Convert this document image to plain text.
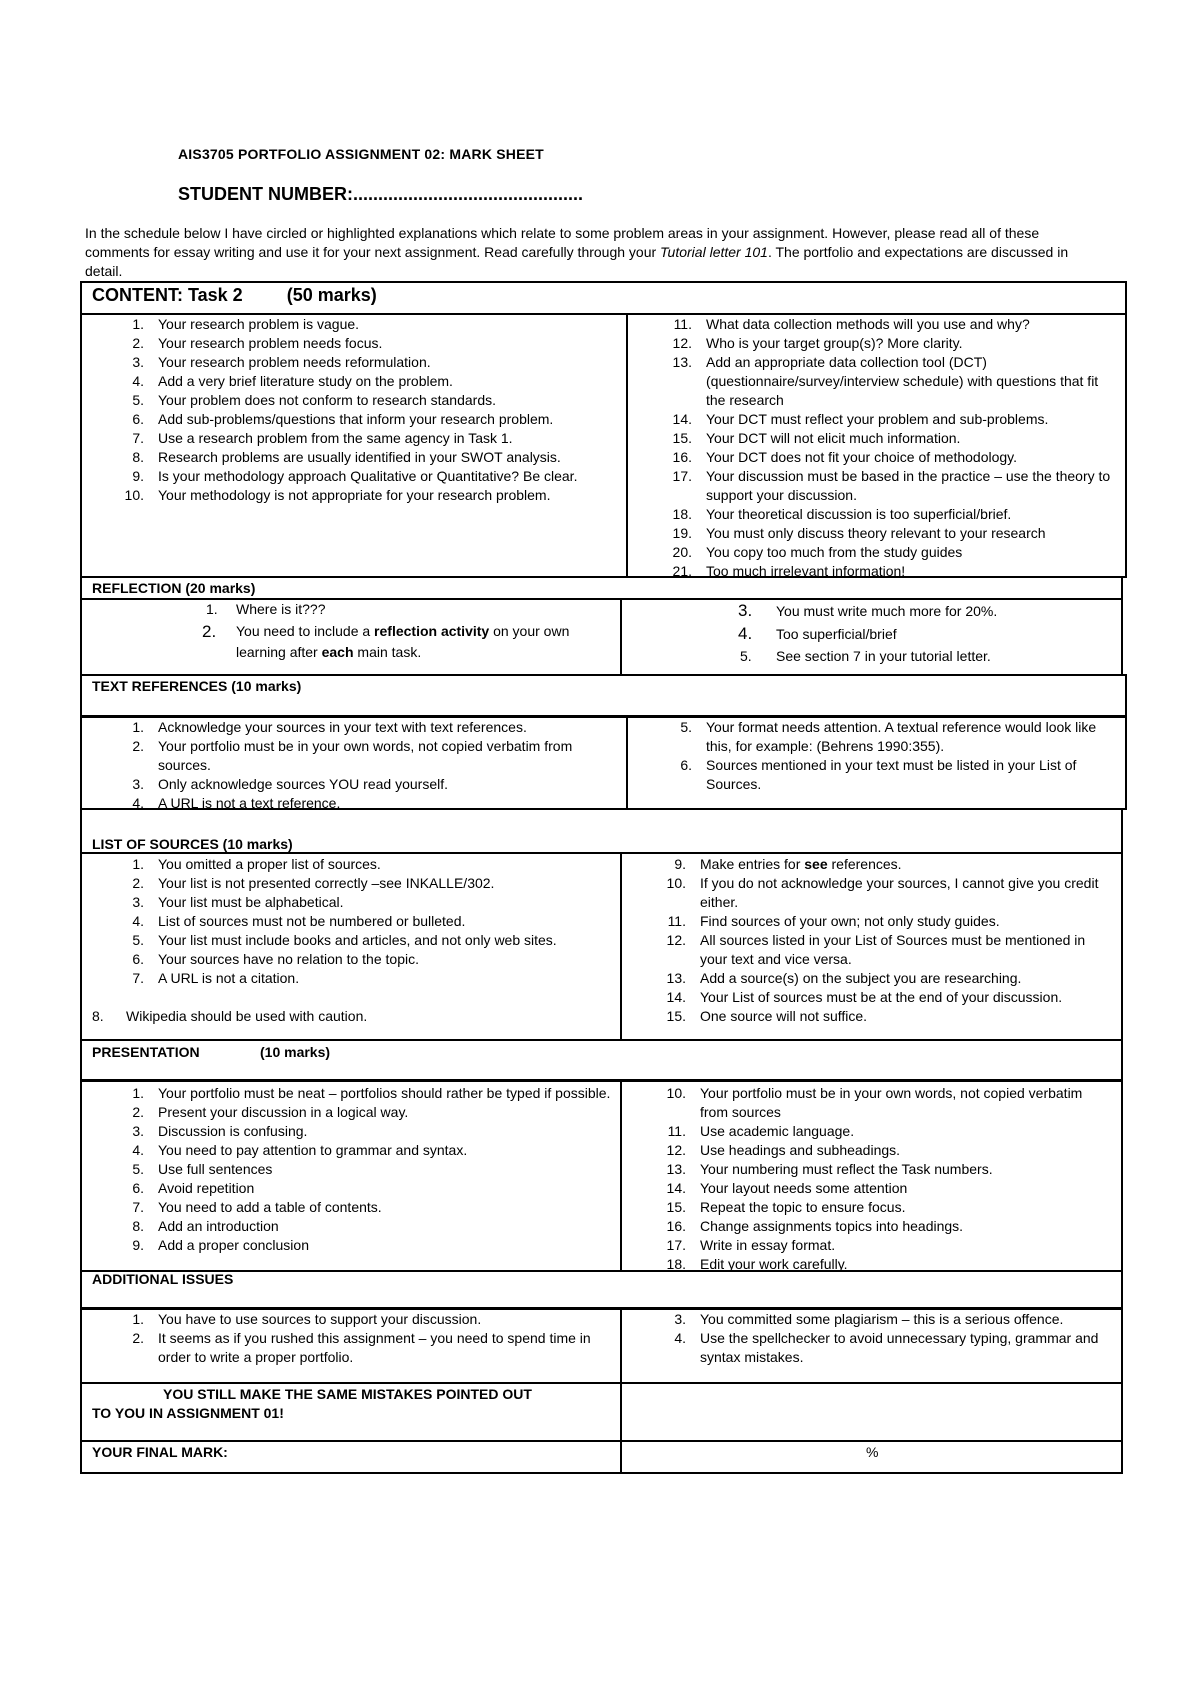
AIS3705 PORTFOLIO ASSIGNMENT 02: MARK SHEET
STUDENT NUMBER:..............................................
In the schedule below I have circled or highlighted explanations which relate to some problem areas in your assignment. However, please read all of these comments for essay writing and use it for your next assignment. Read carefully through your Tutorial letter 101. The portfolio and expectations are discussed in detail.
CONTENT: Task 2 (50 marks)
1. Your research problem is vague.
2. Your research problem needs focus.
3. Your research problem needs reformulation.
4. Add a very brief literature study on the problem.
5. Your problem does not conform to research standards.
6. Add sub-problems/questions that inform your research problem.
7. Use a research problem from the same agency in Task 1.
8. Research problems are usually identified in your SWOT analysis.
9. Is your methodology approach Qualitative or Quantitative? Be clear.
10. Your methodology is not appropriate for your research problem.
11. What data collection methods will you use and why?
12. Who is your target group(s)? More clarity.
13. Add an appropriate data collection tool (DCT) (questionnaire/survey/interview schedule) with questions that fit the research
14. Your DCT must reflect your problem and sub-problems.
15. Your DCT will not elicit much information.
16. Your DCT does not fit your choice of methodology.
17. Your discussion must be based in the practice – use the theory to support your discussion.
18. Your theoretical discussion is too superficial/brief.
19. You must only discuss theory relevant to your research
20. You copy too much from the study guides
21. Too much irrelevant information!
REFLECTION (20 marks)
1. Where is it???
2. You need to include a reflection activity on your own learning after each main task.
3. You must write much more for 20%.
4. Too superficial/brief
5. See section 7 in your tutorial letter.
TEXT REFERENCES (10 marks)
1. Acknowledge your sources in your text with text references.
2. Your portfolio must be in your own words, not copied verbatim from sources.
3. Only acknowledge sources YOU read yourself.
4. A URL is not a text reference.
5. Your format needs attention. A textual reference would look like this, for example: (Behrens 1990:355).
6. Sources mentioned in your text must be listed in your List of Sources.
LIST OF SOURCES (10 marks)
1. You omitted a proper list of sources.
2. Your list is not presented correctly –see INKALLE/302.
3. Your list must be alphabetical.
4. List of sources must not be numbered or bulleted.
5. Your list must include books and articles, and not only web sites.
6. Your sources have no relation to the topic.
7. A URL is not a citation.
8. Wikipedia should be used with caution.
9. Make entries for see references.
10. If you do not acknowledge your sources, I cannot give you credit either.
11. Find sources of your own; not only study guides.
12. All sources listed in your List of Sources must be mentioned in your text and vice versa.
13. Add a source(s) on the subject you are researching.
14. Your List of sources must be at the end of your discussion.
15. One source will not suffice.
PRESENTATION	(10 marks)
1. Your portfolio must be neat – portfolios should rather be typed if possible.
2. Present your discussion in a logical way.
3. Discussion is confusing.
4. You need to pay attention to grammar and syntax.
5. Use full sentences
6. Avoid repetition
7. You need to add a table of contents.
8. Add an introduction
9. Add a proper conclusion
10. Your portfolio must be in your own words, not copied verbatim from sources
11. Use academic language.
12. Use headings and subheadings.
13. Your numbering must reflect the Task numbers.
14. Your layout needs some attention
15. Repeat the topic to ensure focus.
16. Change assignments topics into headings.
17. Write in essay format.
18. Edit your work carefully.
ADDITIONAL ISSUES
1. You have to use sources to support your discussion.
2. It seems as if you rushed this assignment – you need to spend time in order to write a proper portfolio.
3. You committed some plagiarism – this is a serious offence.
4. Use the spellchecker to avoid unnecessary typing, grammar and syntax mistakes.
YOU STILL MAKE THE SAME MISTAKES POINTED OUT
TO YOU IN ASSIGNMENT 01!
YOUR FINAL MARK:	%
